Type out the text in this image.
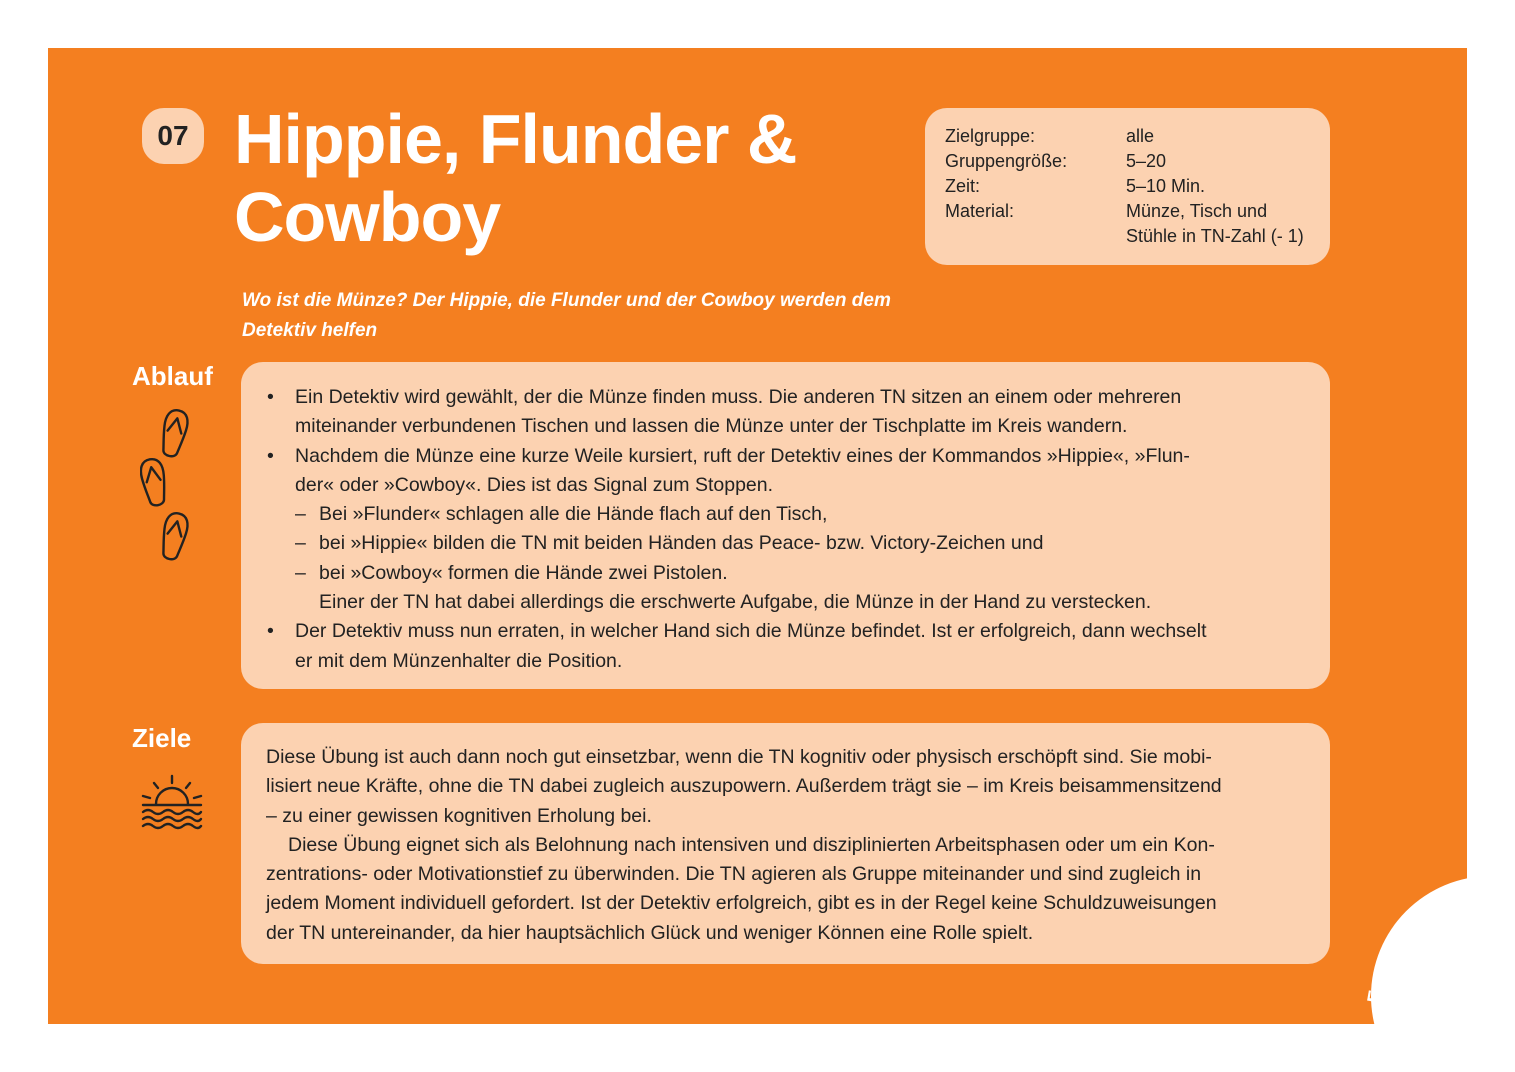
07 Hippie, Flunder &
Cowboy
Zielgruppe:	alle
Gruppengröße:	5–20
Zeit:	5–10 Min.
Material:	Münze, Tisch und
Stühle in TN-Zahl (- 1)
Wo ist die Münze? Der Hippie, die Flunder und der Cowboy werden dem
Detektiv helfen
Ablauf
•	Ein Detektiv wird gewählt, der die Münze finden muss. Die anderen TN sitzen an einem oder mehreren
miteinander verbundenen Tischen und lassen die Münze unter der Tischplatte im Kreis wandern.
•	Nachdem die Münze eine kurze Weile kursiert, ruft der Detektiv eines der Kommandos »Hippie«, »Flun-
der« oder »Cowboy«. Dies ist das Signal zum Stoppen.
– Bei »Flunder« schlagen alle die Hände flach auf den Tisch,
– bei »Hippie« bilden die TN mit beiden Händen das Peace- bzw. Victory-Zeichen und
– bei »Cowboy« formen die Hände zwei Pistolen.
Einer der TN hat dabei allerdings die erschwerte Aufgabe, die Münze in der Hand zu verstecken.
•	Der Detektiv muss nun erraten, in welcher Hand sich die Münze befindet. Ist er erfolgreich, dann wechselt
er mit dem Münzenhalter die Position.
Ziele
Diese Übung ist auch dann noch gut einsetzbar, wenn die TN kognitiv oder physisch erschöpft sind. Sie mobi-
lisiert neue Kräfte, ohne die TN dabei zugleich auszupowern. Außerdem trägt sie – im Kreis beisammensitzend
– zu einer gewissen kognitiven Erholung bei.
Diese Übung eignet sich als Belohnung nach intensiven und disziplinierten Arbeitsphasen oder um ein Kon-
zentrations- oder Motivationstief zu überwinden. Die TN agieren als Gruppe miteinander und sind zugleich in
jedem Moment individuell gefordert. Ist der Detektiv erfolgreich, gibt es in der Regel keine Schuldzuweisungen
der TN untereinander, da hier hauptsächlich Glück und weniger Können eine Rolle spielt.
Energizer
